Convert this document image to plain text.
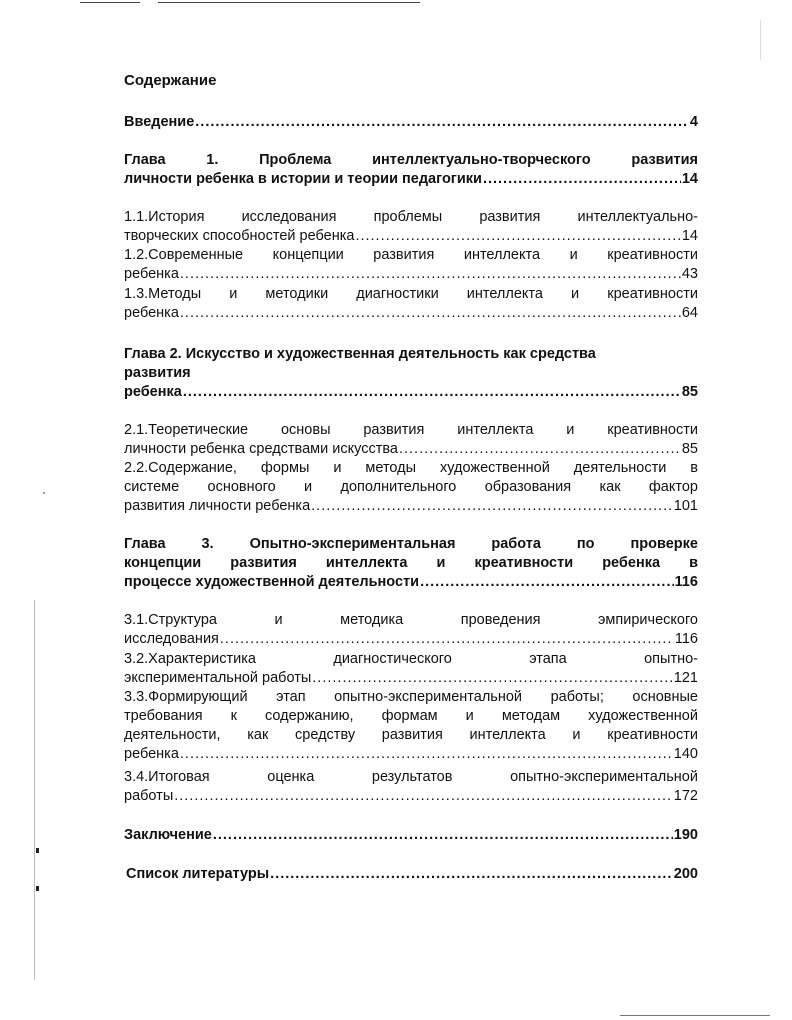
Содержание
Введение .....	4
Глава	1.	Проблема	интеллектуально-творческого	развития
личности ребенка в истории и теории педагогики .....	14
1.1.История	исследования	проблемы	развития	интеллектуально-
творческих способностей ребенка .....	14
1.2.Современные концепции развития интеллекта и креативности
ребенка .....	43
1.3.Методы и методики диагностики интеллекта и креативности
ребенка .....	64
Глава 2. Искусство и художественная деятельность как средства
развития
ребенка .....	85
2.1.Теоретические основы развития интеллекта и креативности
личности ребенка средствами искусства .....	85
2.2.Содержание, формы и методы художественной деятельности в
системе основного и дополнительного образования как фактор
развития личности ребенка .....	101
Глава 3. Опытно-экспериментальная работа по проверке
концепции развития интеллекта и креативности ребенка в
процессе художественной деятельности .....	116
3.1.Структура	и	методика	проведения	эмпирического
исследования .....	116
3.2.Характеристика	диагностического	этапа	опытно-
экспериментальной работы .....	121
3.3.Формирующий этап опытно-экспериментальной работы; основные
требования к содержанию, формам и методам художественной
деятельности, как средству развития интеллекта и креативности
ребенка .....	140
3.4.Итоговая	оценка	результатов	опытно-экспериментальной
работы .....	172
Заключение .....	190
Список литературы .....	200
